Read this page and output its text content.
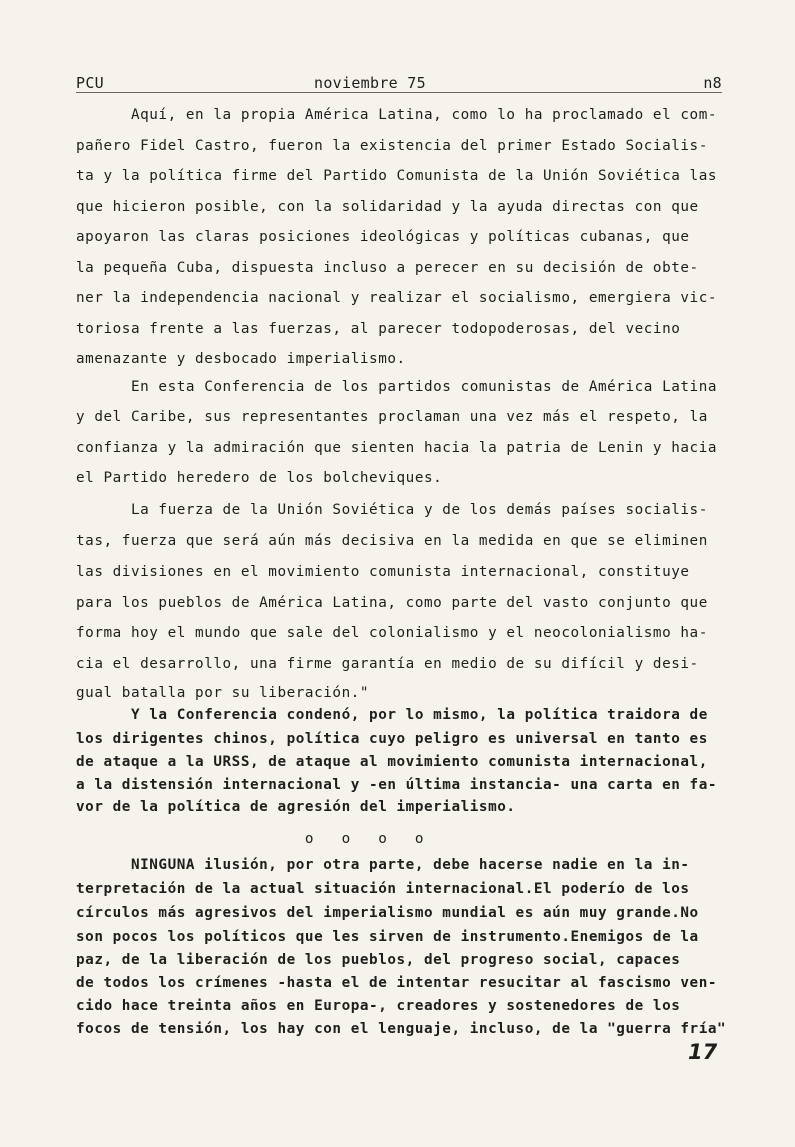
PCU	noviembre 75	n8
Aquí, en la propia América Latina, como lo ha proclamado el com-
pañero Fidel Castro, fueron la existencia del primer Estado Socialis-
ta y la política firme del Partido Comunista de la Unión Soviética las
que hicieron posible, con la solidaridad y la ayuda directas con que
apoyaron las claras posiciones ideológicas y políticas cubanas, que
la pequeña Cuba, dispuesta incluso a perecer en su decisión de obte-
ner la independencia nacional y realizar el socialismo, emergiera vic-
toriosa frente a las fuerzas, al parecer todopoderosas, del vecino
amenazante y desbocado imperialismo.
En esta Conferencia de los partidos comunistas de América Latina
y del Caribe, sus representantes proclaman una vez más el respeto, la
confianza y la admiración que sienten hacia la patria de Lenin y hacia
el Partido heredero de los bolcheviques.
La fuerza de la Unión Soviética y de los demás países socialis-
tas, fuerza que será aún más decisiva en la medida en que se eliminen
las divisiones en el movimiento comunista internacional, constituye
para los pueblos de América Latina, como parte del vasto conjunto que
forma hoy el mundo que sale del colonialismo y el neocolonialismo ha-
cia el desarrollo, una firme garantía en medio de su difícil y desi-
gual batalla por su liberación."
Y la Conferencia condenó, por lo mismo, la política traidora de
los dirigentes chinos, política cuyo peligro es universal en tanto es
de ataque a la URSS, de ataque al movimiento comunista internacional,
a la distensión internacional y -en última instancia- una carta en fa-
vor de la política de agresión del imperialismo.
o   o   o   o
NINGUNA ilusión, por otra parte, debe hacerse nadie en la in-
terpretación de la actual situación internacional.El poderío de los
círculos más agresivos del imperialismo mundial es aún muy grande.No
son pocos los políticos que les sirven de instrumento.Enemigos de la
paz, de la liberación de los pueblos, del progreso social, capaces
de todos los crímenes -hasta el de intentar resucitar al fascismo ven-
cido hace treinta años en Europa-, creadores y sostenedores de los
focos de tensión, los hay con el lenguaje, incluso, de la "guerra fría"
17
